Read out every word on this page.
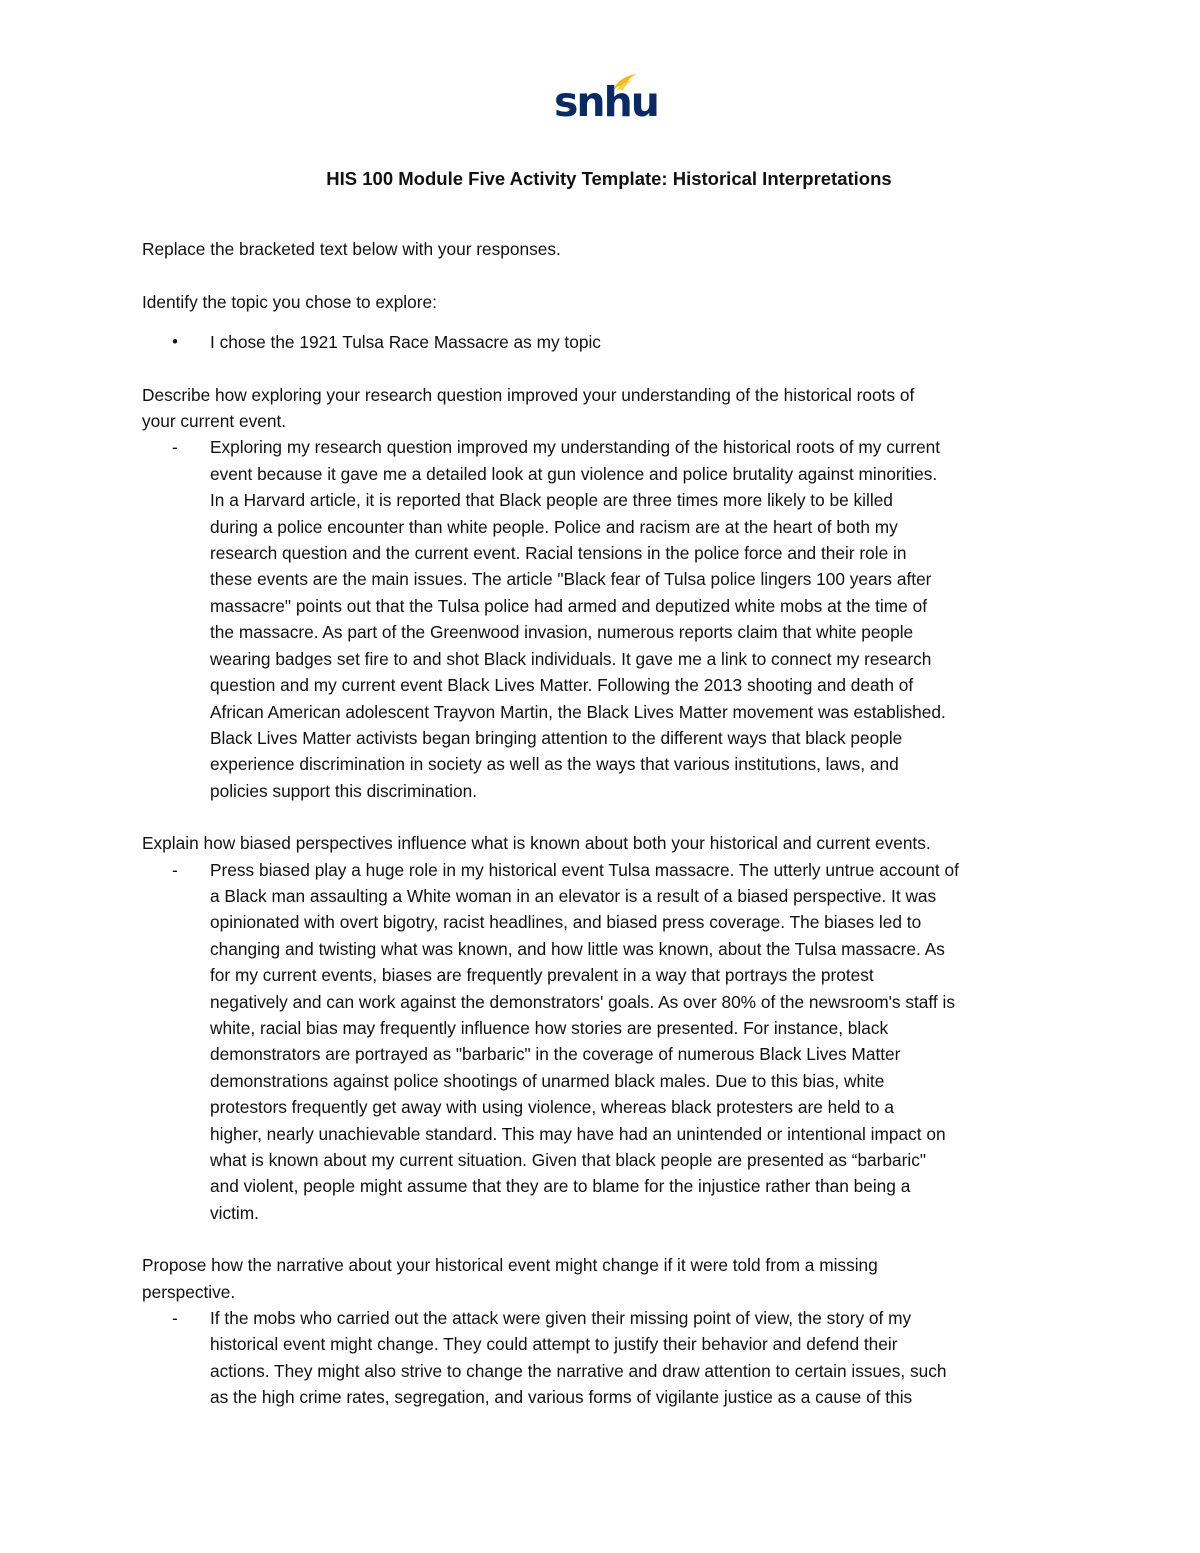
snhu

HIS 100 Module Five Activity Template: Historical Interpretations

Replace the bracketed text below with your responses.

Identify the topic you chose to explore:

• I chose the 1921 Tulsa Race Massacre as my topic

Describe how exploring your research question improved your understanding of the historical roots of
your current event.

- Exploring my research question improved my understanding of the historical roots of my current
event because it gave me a detailed look at gun violence and police brutality against minorities.
In a Harvard article, it is reported that Black people are three times more likely to be killed
during a police encounter than white people. Police and racism are at the heart of both my
research question and the current event. Racial tensions in the police force and their role in
these events are the main issues. The article "Black fear of Tulsa police lingers 100 years after
massacre" points out that the Tulsa police had armed and deputized white mobs at the time of
the massacre. As part of the Greenwood invasion, numerous reports claim that white people
wearing badges set fire to and shot Black individuals. It gave me a link to connect my research
question and my current event Black Lives Matter. Following the 2013 shooting and death of
African American adolescent Trayvon Martin, the Black Lives Matter movement was established.
Black Lives Matter activists began bringing attention to the different ways that black people
experience discrimination in society as well as the ways that various institutions, laws, and
policies support this discrimination.

Explain how biased perspectives influence what is known about both your historical and current events.

- Press biased play a huge role in my historical event Tulsa massacre. The utterly untrue account of
a Black man assaulting a White woman in an elevator is a result of a biased perspective. It was
opinionated with overt bigotry, racist headlines, and biased press coverage. The biases led to
changing and twisting what was known, and how little was known, about the Tulsa massacre. As
for my current events, biases are frequently prevalent in a way that portrays the protest
negatively and can work against the demonstrators' goals. As over 80% of the newsroom's staff is
white, racial bias may frequently influence how stories are presented. For instance, black
demonstrators are portrayed as "barbaric" in the coverage of numerous Black Lives Matter
demonstrations against police shootings of unarmed black males. Due to this bias, white
protestors frequently get away with using violence, whereas black protesters are held to a
higher, nearly unachievable standard. This may have had an unintended or intentional impact on
what is known about my current situation. Given that black people are presented as “barbaric"
and violent, people might assume that they are to blame for the injustice rather than being a
victim.

Propose how the narrative about your historical event might change if it were told from a missing
perspective.

- If the mobs who carried out the attack were given their missing point of view, the story of my
historical event might change. They could attempt to justify their behavior and defend their
actions. They might also strive to change the narrative and draw attention to certain issues, such
as the high crime rates, segregation, and various forms of vigilante justice as a cause of this
